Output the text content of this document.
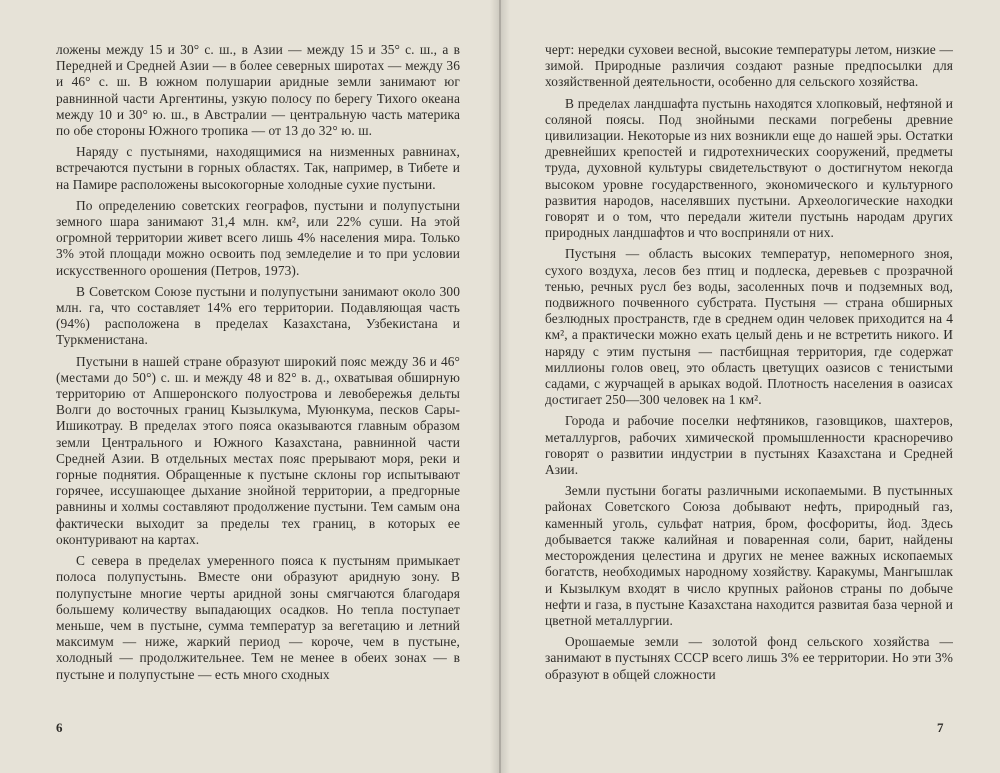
ложены между 15 и 30° с. ш., в Азии — между 15 и 35° с. ш., а в Передней и Средней Азии — в более северных широтах — между 36 и 46° с. ш. В южном полушарии аридные земли занимают юг равнинной части Аргентины, узкую полосу по берегу Тихого океана между 10 и 30° ю. ш., в Австралии — центральную часть материка по обе стороны Южного тропика — от 13 до 32° ю. ш.

Наряду с пустынями, находящимися на низменных равнинах, встречаются пустыни в горных областях. Так, например, в Тибете и на Памире расположены высокогорные холодные сухие пустыни.

По определению советских географов, пустыни и полупустыни земного шара занимают 31,4 млн. км², или 22% суши. На этой огромной территории живет всего лишь 4% населения мира. Только 3% этой площади можно освоить под земледелие и то при условии искусственного орошения (Петров, 1973).

В Советском Союзе пустыни и полупустыни занимают около 300 млн. га, что составляет 14% его территории. Подавляющая часть (94%) расположена в пределах Казахстана, Узбекистана и Туркменистана.

Пустыни в нашей стране образуют широкий пояс между 36 и 46° (местами до 50°) с. ш. и между 48 и 82° в. д., охватывая обширную территорию от Апшеронского полуострова и левобережья дельты Волги до восточных границ Кызылкума, Муюнкума, песков Сары-Ишикотрау. В пределах этого пояса оказываются главным образом земли Центрального и Южного Казахстана, равнинной части Средней Азии. В отдельных местах пояс прерывают моря, реки и горные поднятия. Обращенные к пустыне склоны гор испытывают горячее, иссушающее дыхание знойной территории, а предгорные равнины и холмы составляют продолжение пустыни. Тем самым она фактически выходит за пределы тех границ, в которых ее оконтуривают на картах.

С севера в пределах умеренного пояса к пустыням примыкает полоса полупустынь. Вместе они образуют аридную зону. В полупустыне многие черты аридной зоны смягчаются благодаря большему количеству выпадающих осадков. Но тепла поступает меньше, чем в пустыне, сумма температур за вегетацию и летний максимум — ниже, жаркий период — короче, чем в пустыне, холодный — продолжительнее. Тем не менее в обеих зонах — в пустыне и полупустыне — есть много сходных

6

черт: нередки суховеи весной, высокие температуры летом, низкие — зимой. Природные различия создают разные предпосылки для хозяйственной деятельности, особенно для сельского хозяйства.

В пределах ландшафта пустынь находятся хлопковый, нефтяной и соляной поясы. Под знойными песками погребены древние цивилизации. Некоторые из них возникли еще до нашей эры. Остатки древнейших крепостей и гидротехнических сооружений, предметы труда, духовной культуры свидетельствуют о достигнутом некогда высоком уровне государственного, экономического и культурного развития народов, населявших пустыни. Археологические находки говорят и о том, что передали жители пустынь народам других природных ландшафтов и что восприняли от них.

Пустыня — область высоких температур, непомерного зноя, сухого воздуха, лесов без птиц и подлеска, деревьев с прозрачной тенью, речных русл без воды, засоленных почв и подземных вод, подвижного почвенного субстрата. Пустыня — страна обширных безлюдных пространств, где в среднем один человек приходится на 4 км², а практически можно ехать целый день и не встретить никого. И наряду с этим пустыня — пастбищная территория, где содержат миллионы голов овец, это область цветущих оазисов с тенистыми садами, с журчащей в арыках водой. Плотность населения в оазисах достигает 250—300 человек на 1 км².

Города и рабочие поселки нефтяников, газовщиков, шахтеров, металлургов, рабочих химической промышленности красноречиво говорят о развитии индустрии в пустынях Казахстана и Средней Азии.

Земли пустыни богаты различными ископаемыми. В пустынных районах Советского Союза добывают нефть, природный газ, каменный уголь, сульфат натрия, бром, фосфориты, йод. Здесь добывается также калийная и поваренная соли, барит, найдены месторождения целестина и других не менее важных ископаемых богатств, необходимых народному хозяйству. Каракумы, Мангышлак и Кызылкум входят в число крупных районов страны по добыче нефти и газа, в пустыне Казахстана находится развитая база черной и цветной металлургии.

Орошаемые земли — золотой фонд сельского хозяйства — занимают в пустынях СССР всего лишь 3% ее территории. Но эти 3% образуют в общей сложности

7
